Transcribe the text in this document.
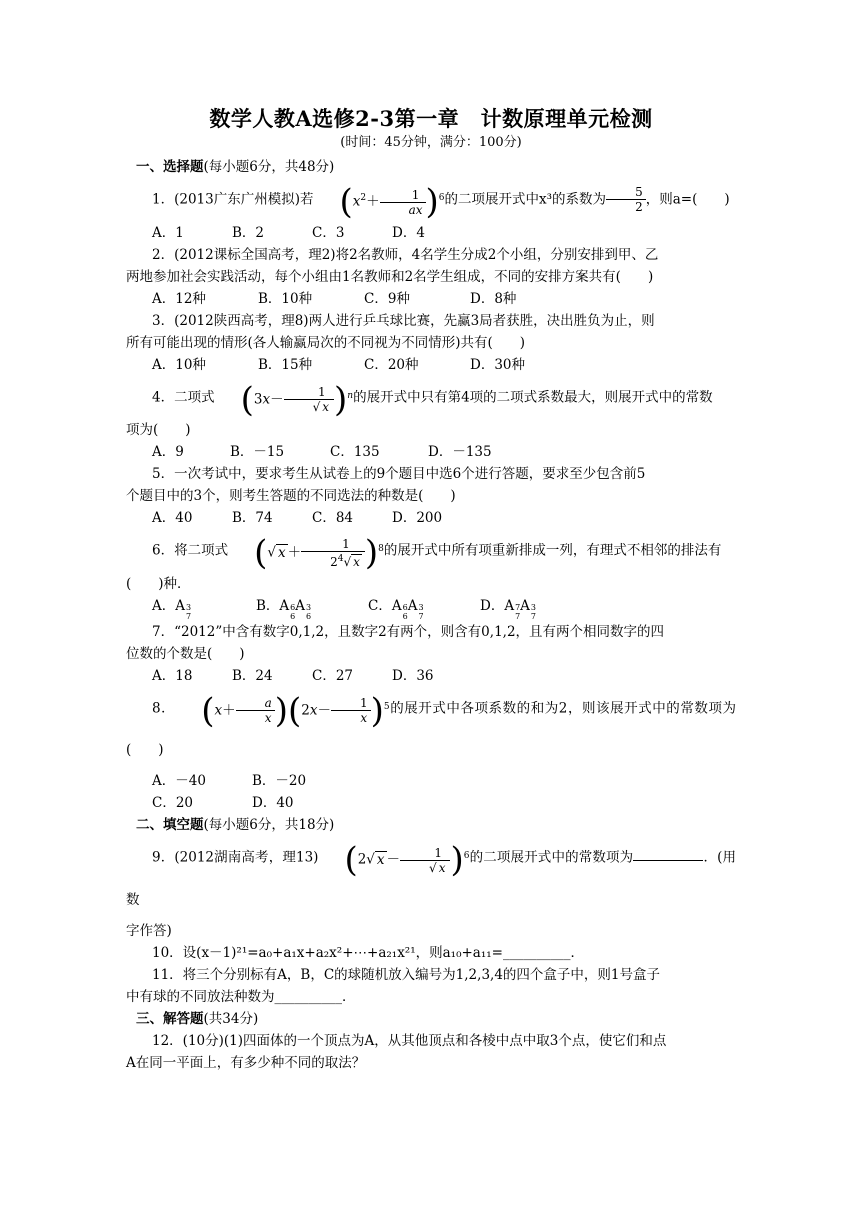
数学人教A选修2-3第一章　计数原理单元检测

(时间：45分钟，满分：100分)

一、选择题(每小题6分，共48分)

1．(2013广东广州模拟)若 $(x^2+ \frac{1}{ax} )^6$的二项展开式中x³的系数为 $\frac{5}{2}$ ，则a=(　　)

A．1	B．2	C．3	D．4

2．(2012课标全国高考，理2)将2名教师，4名学生分成2个小组，分别安排到甲、乙

两地参加社会实践活动，每个小组由1名教师和2名学生组成，不同的安排方案共有(　　)

A．12种	B．10种	C．9种	D．8种

3．(2012陕西高考，理8)两人进行乒乓球比赛，先赢3局者获胜，决出胜负为止，则

所有可能出现的情形(各人输赢局次的不同视为不同情形)共有(　　)

A．10种	B．15种	C．20种	D．30种

4．二项式 $(3x- \frac{1}{√ x} )^n$的展开式中只有第4项的二项式系数最大，则展开式中的常数

项为(　　)

A．9	B．－15	C．135	D．－135

5．一次考试中，要求考生从试卷上的9个题目中选6个进行答题，要求至少包含前5

个题目中的3个，则考生答题的不同选法的种数是(　　)

A．40	B．74	C．84	D．200

6．将二项式 (√ $x + \frac{1}{2^4√ x} )^8$的展开式中所有项重新排成一列，有理式不相邻的排法有

(　　)种．

A．A 3
7
B．A 6
6
A 3
6
C．A 6
6
A 3
7
D．A 7
7
A 3
7

7．“2012”中含有数字0,1,2，且数字2有两个，则含有0,1,2，且有两个相同数字的四

位数的个数是(　　)

A．18	B．24	C．27	D．36

8． $(x+ \frac{a}{x} )(2x- \frac{1}{x} )^5$的展开式中各项系数的和为2，则该展开式中的常数项为(　　)

A．－40	B．－20
C．20	D．40

二、填空题(每小题6分，共18分)

9．(2012湖南高考，理13) (2√ $x - \frac{1}{√ x} )^6$的二项展开式中的常数项为	．(用数

字作答)

10．设(x－1)²¹=a₀+a₁x+a₂x²+⋯+a₂₁x²¹，则a₁₀+a₁₁=__________．

11．将三个分别标有A，B，C的球随机放入编号为1,2,3,4的四个盒子中，则1号盒子

中有球的不同放法种数为__________．

三、解答题(共34分)

12．(10分)(1)四面体的一个顶点为A，从其他顶点和各棱中点中取3个点，使它们和点

A在同一平面上，有多少种不同的取法？
